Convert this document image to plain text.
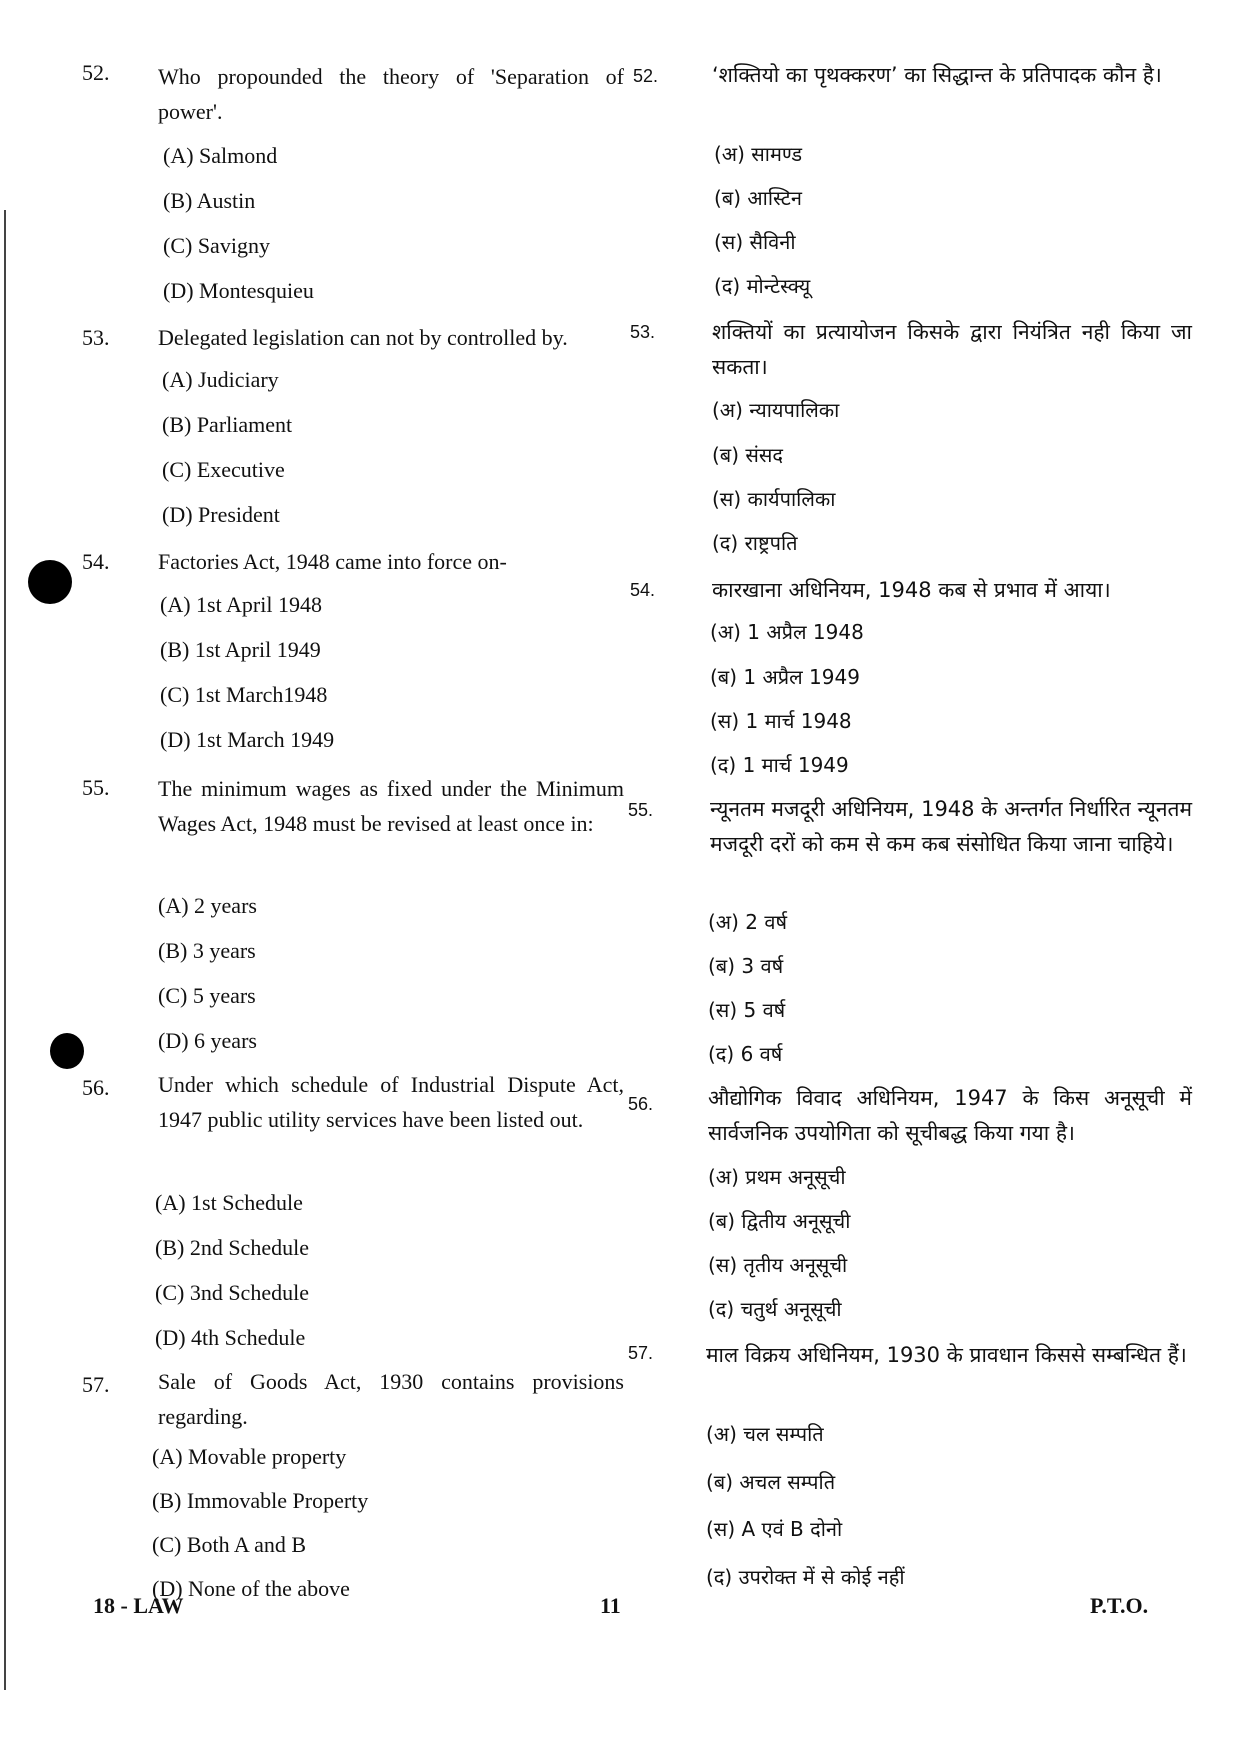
52. Who propounded the theory of 'Separation of power'.
(A) Salmond
(B) Austin
(C) Savigny
(D) Montesquieu
53. Delegated legislation can not by controlled by.
(A) Judiciary
(B) Parliament
(C) Executive
(D) President
54. Factories Act, 1948 came into force on-
(A) 1st April 1948
(B) 1st April 1949
(C) 1st March1948
(D) 1st March 1949
55. The minimum wages as fixed under the Minimum Wages Act, 1948 must be revised at least once in:
(A) 2 years
(B) 3 years
(C) 5 years
(D) 6 years
56. Under which schedule of Industrial Dispute Act, 1947 public utility services have been listed out.
(A) 1st Schedule
(B) 2nd Schedule
(C) 3nd Schedule
(D) 4th Schedule
57. Sale of Goods Act, 1930 contains provisions regarding.
(A) Movable property
(B) Immovable Property
(C) Both A and B
(D) None of the above
52.	‘शक्तियो का पृथक्करण’ का सिद्धान्त के प्रतिपादक कौन है।
(अ) सामण्ड
(ब) आस्टिन
(स) सैविनी
(द) मोन्टेस्क्यू
53.	शक्तियों का प्रत्यायोजन किसके द्वारा नियंत्रित नही किया जा सकता।
(अ) न्यायपालिका
(ब) संसद
(स) कार्यपालिका
(द) राष्ट्रपति
54.	कारखाना अधिनियम, 1948 कब से प्रभाव में आया।
(अ) 1 अप्रैल 1948
(ब) 1 अप्रैल 1949
(स) 1 मार्च 1948
(द) 1 मार्च 1949
55.	न्यूनतम मजदूरी अधिनियम, 1948 के अन्तर्गत निर्धारित न्यूनतम मजदूरी दरों को कम से कम कब संसोधित किया जाना चाहिये।
(अ) 2 वर्ष
(ब) 3 वर्ष
(स) 5 वर्ष
(द) 6 वर्ष
56.	औद्योगिक विवाद अधिनियम, 1947 के किस अनूसूची में सार्वजनिक उपयोगिता को सूचीबद्ध किया गया है।
(अ) प्रथम अनूसूची
(ब) द्वितीय अनूसूची
(स) तृतीय अनूसूची
(द) चतुर्थ अनूसूची
57.	माल विक्रय अधिनियम, 1930 के प्रावधान किससे सम्बन्धित हैं।
(अ) चल सम्पति
(ब) अचल सम्पति
(स) A एवं B दोनो
(द) उपरोक्त में से कोई नहीं
18 - LAW	11	P.T.O.
